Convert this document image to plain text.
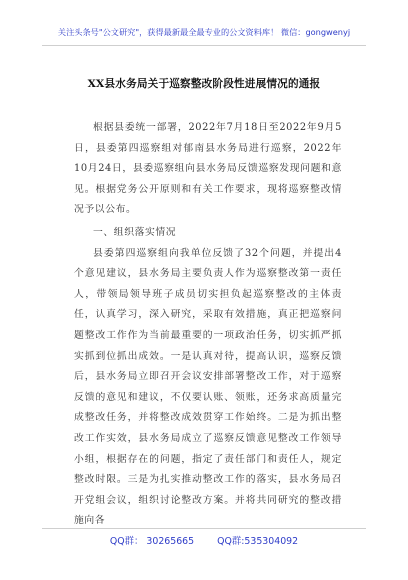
关注头条号"公文研究"，获得最新最全最专业的公文资料库！ 微信：gongwenyj
XX县水务局关于巡察整改阶段性进展情况的通报

根据县委统一部署，2022年7月18日至2022年9月5日，县委第四巡察组对郁南县水务局进行巡察，2022年10月24日，县委巡察组向县水务局反馈巡察发现问题和意见。根据党务公开原则和有关工作要求，现将巡察整改情况予以公布。

一、组织落实情况

县委第四巡察组向我单位反馈了32个问题，并提出4个意见建议，县水务局主要负责人作为巡察整改第一责任人，带领局领导班子成员切实担负起巡察整改的主体责任，认真学习，深入研究，采取有效措施，真正把巡察问题整改工作作为当前最重要的一项政治任务，切实抓严抓实抓到位抓出成效。一是认真对待，提高认识，巡察反馈后，县水务局立即召开会议安排部署整改工作，对于巡察反馈的意见和建议，不仅要认账、领账，还务求高质量完成整改任务，并将整改成效贯穿工作始终。二是为抓出整改工作实效，县水务局成立了巡察反馈意见整改工作领导小组，根据存在的问题，指定了责任部门和责任人，规定整改时限。三是为扎实推动整改工作的落实，县水务局召开党组会议，组织讨论整改方案。并将共同研究的整改措施向各

QQ群： 30265665 QQ群:535304092
